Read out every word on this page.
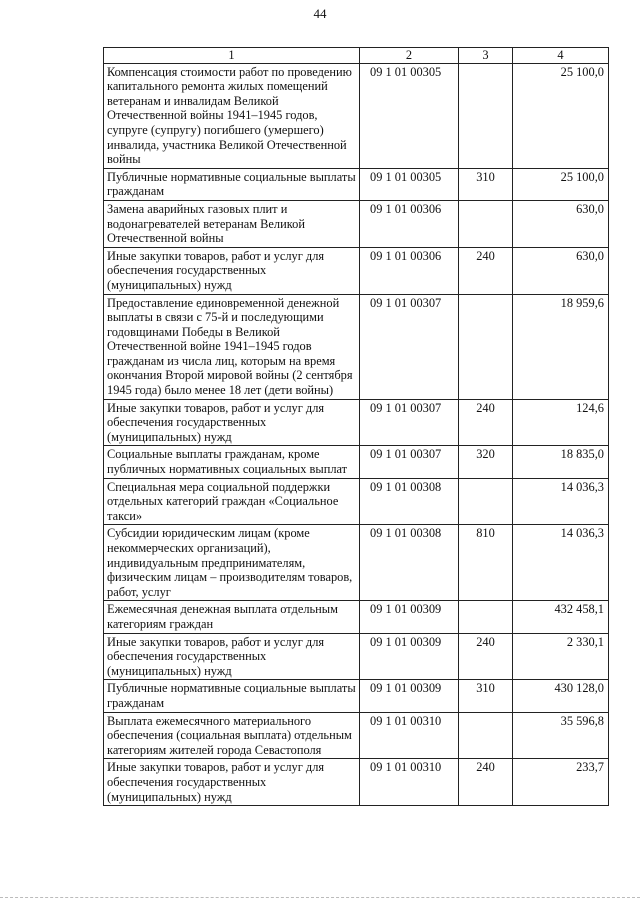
44
1	2	3	4
Компенсация стоимости работ по проведению капитального ремонта жилых помещений ветеранам и инвалидам Великой Отечественной войны 1941–1945 годов, супруге (супругу) погибшего (умершего) инвалида, участника Великой Отечественной войны	09 1 01 00305		25 100,0
Публичные нормативные социальные выплаты гражданам	09 1 01 00305	310	25 100,0
Замена аварийных газовых плит и водонагревателей ветеранам Великой Отечественной войны	09 1 01 00306		630,0
Иные закупки товаров, работ и услуг для обеспечения государственных (муниципальных) нужд	09 1 01 00306	240	630,0
Предоставление единовременной денежной выплаты в связи с 75-й и последующими годовщинами Победы в Великой Отечественной войне 1941–1945 годов гражданам из числа лиц, которым на время окончания Второй мировой войны (2 сентября 1945 года) было менее 18 лет (дети войны)	09 1 01 00307		18 959,6
Иные закупки товаров, работ и услуг для обеспечения государственных (муниципальных) нужд	09 1 01 00307	240	124,6
Социальные выплаты гражданам, кроме публичных нормативных социальных выплат	09 1 01 00307	320	18 835,0
Специальная мера социальной поддержки отдельных категорий граждан «Социальное такси»	09 1 01 00308		14 036,3
Субсидии юридическим лицам (кроме некоммерческих организаций), индивидуальным предпринимателям, физическим лицам – производителям товаров, работ, услуг	09 1 01 00308	810	14 036,3
Ежемесячная денежная выплата отдельным категориям граждан	09 1 01 00309		432 458,1
Иные закупки товаров, работ и услуг для обеспечения государственных (муниципальных) нужд	09 1 01 00309	240	2 330,1
Публичные нормативные социальные выплаты гражданам	09 1 01 00309	310	430 128,0
Выплата ежемесячного материального обеспечения (социальная выплата) отдельным категориям жителей города Севастополя	09 1 01 00310		35 596,8
Иные закупки товаров, работ и услуг для обеспечения государственных (муниципальных) нужд	09 1 01 00310	240	233,7
